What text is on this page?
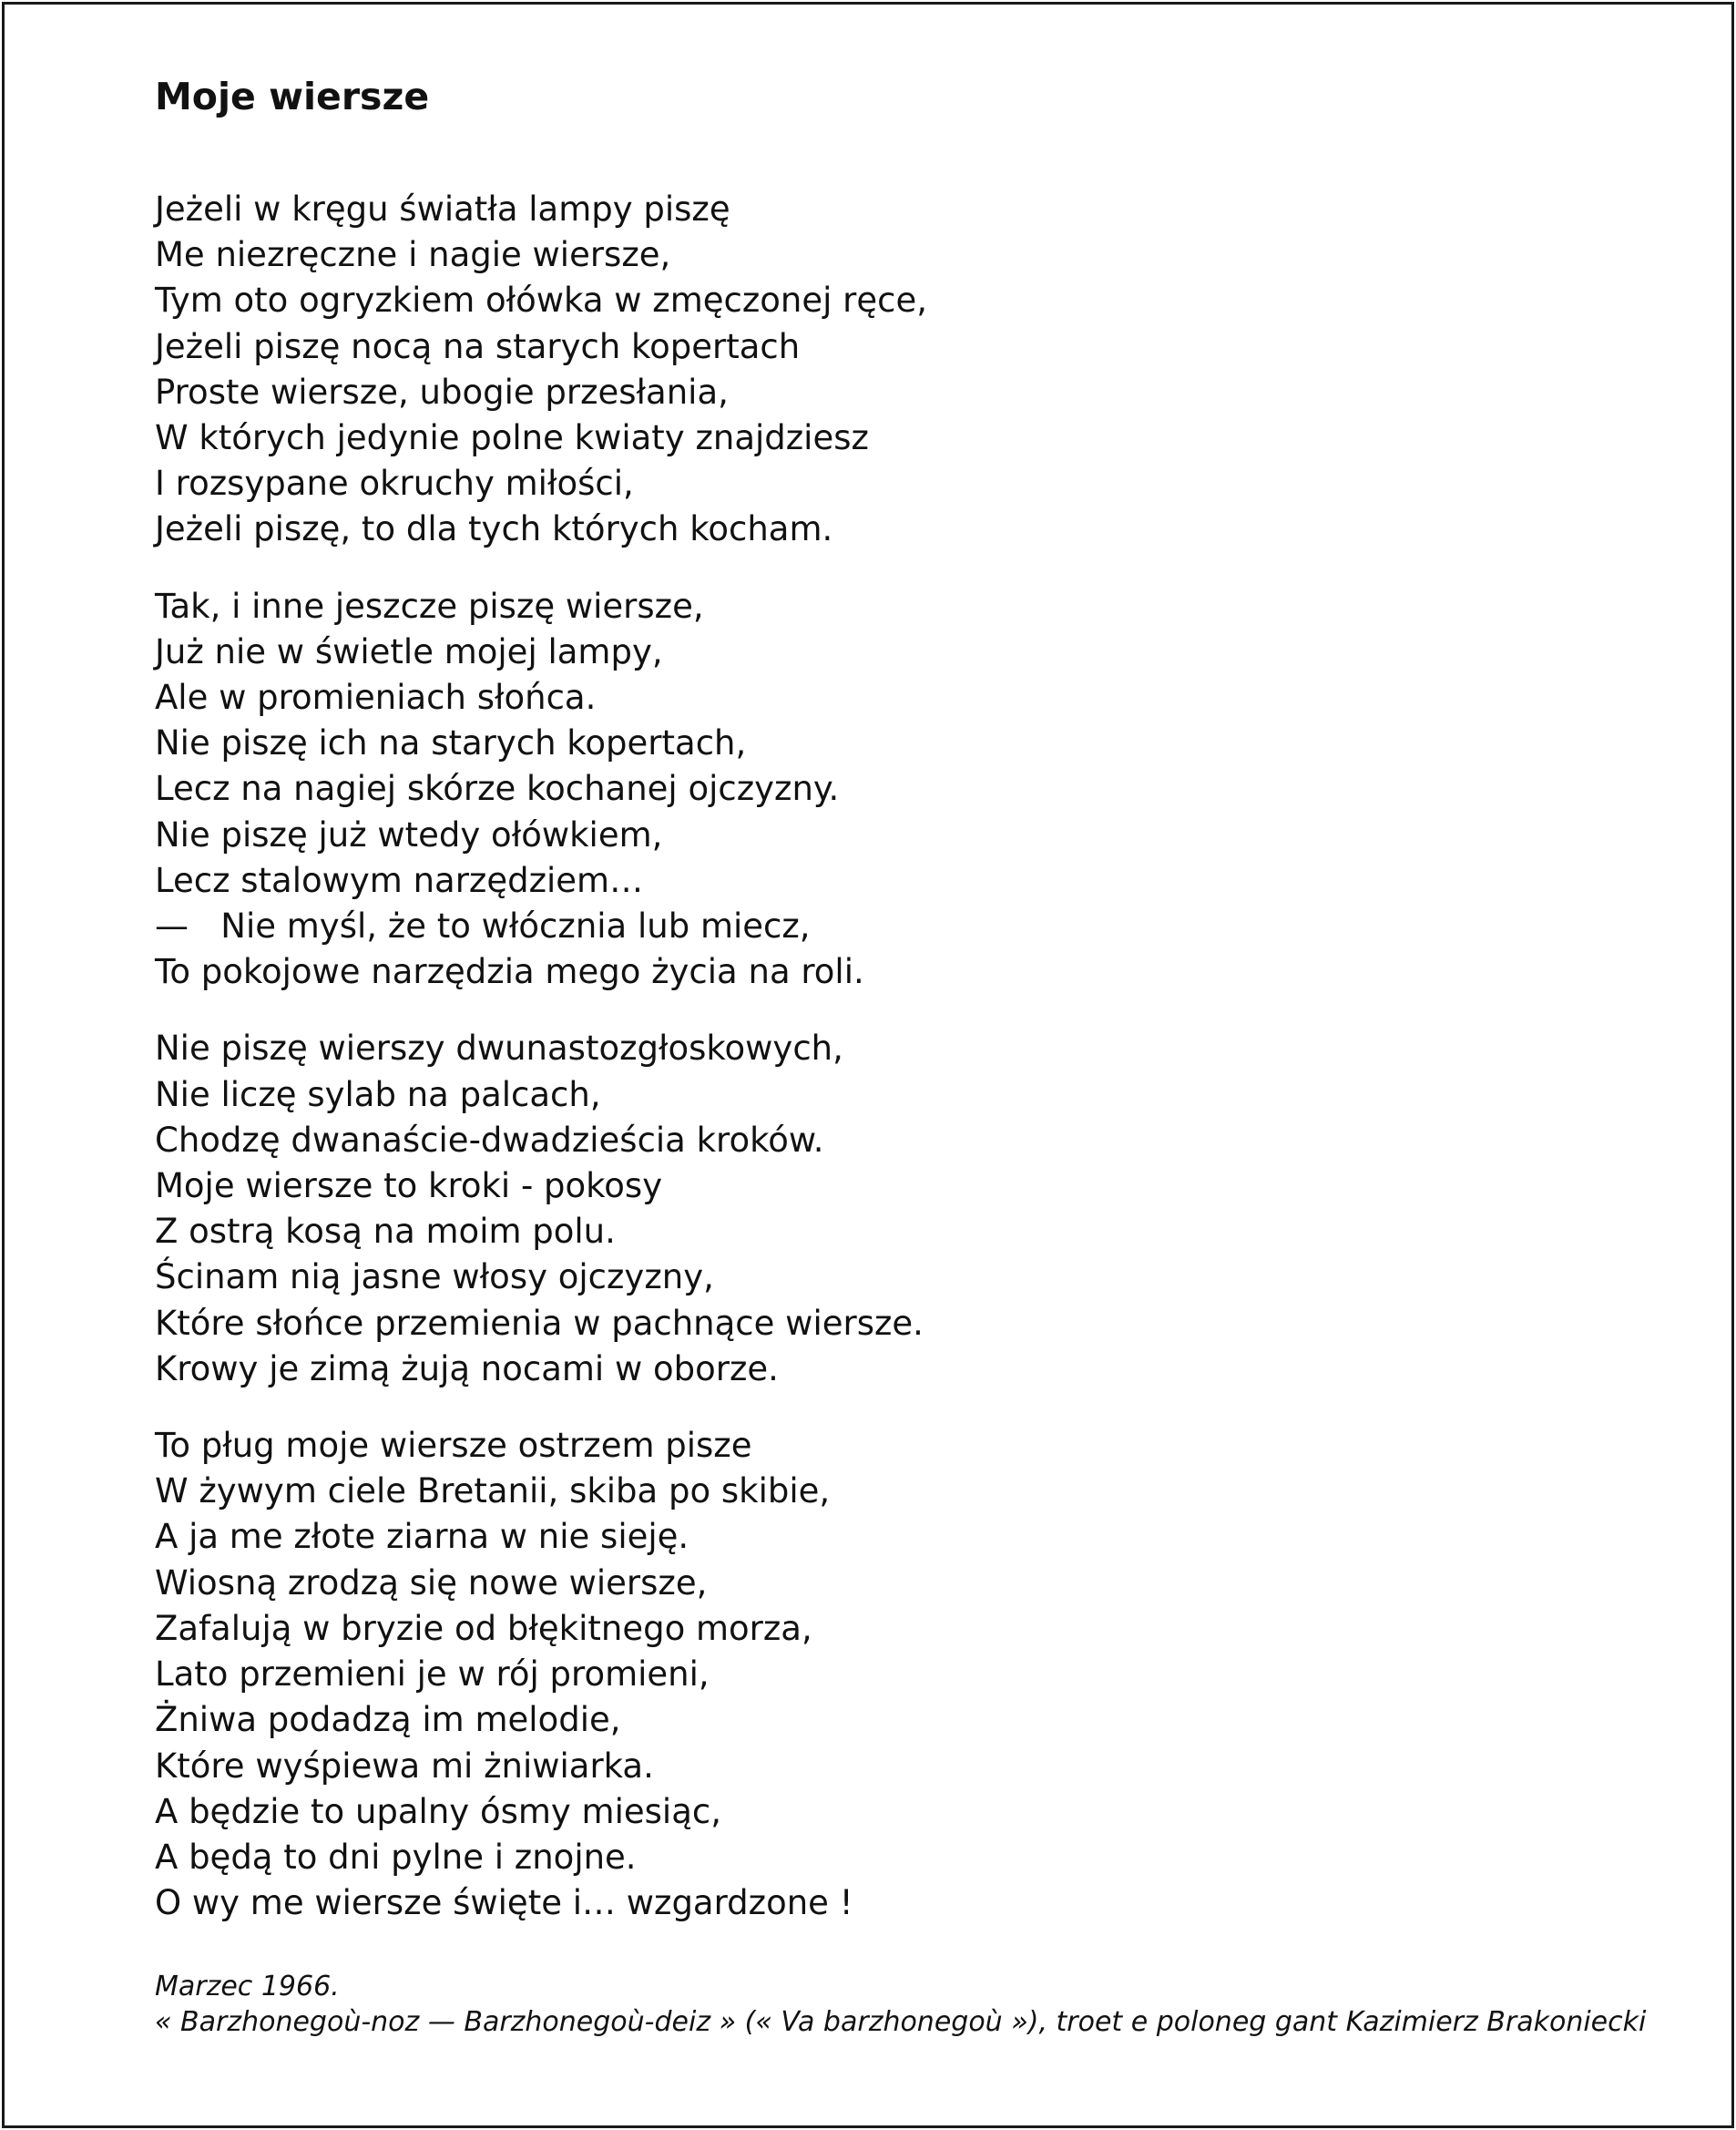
Moje wiersze
Jeżeli w kręgu światła lampy piszę
Me niezręczne i nagie wiersze,
Tym oto ogryzkiem ołówka w zmęczonej ręce,
Jeżeli piszę nocą na starych kopertach
Proste wiersze, ubogie przesłania,
W których jedynie polne kwiaty znajdziesz
I rozsypane okruchy miłości,
Jeżeli piszę, to dla tych których kocham.
Tak, i inne jeszcze piszę wiersze,
Już nie w świetle mojej lampy,
Ale w promieniach słońca.
Nie piszę ich na starych kopertach,
Lecz na nagiej skórze kochanej ojczyzny.
Nie piszę już wtedy ołówkiem,
Lecz stalowym narzędziem…
—   Nie myśl, że to włócznia lub miecz,
To pokojowe narzędzia mego życia na roli.
Nie piszę wierszy dwunastozgłoskowych,
Nie liczę sylab na palcach,
Chodzę dwanaście-dwadzieścia kroków.
Moje wiersze to kroki - pokosy
Z ostrą kosą na moim polu.
Ścinam nią jasne włosy ojczyzny,
Które słońce przemienia w pachnące wiersze.
Krowy je zimą żują nocami w oborze.
To pług moje wiersze ostrzem pisze
W żywym ciele Bretanii, skiba po skibie,
A ja me złote ziarna w nie sieję.
Wiosną zrodzą się nowe wiersze,
Zafalują w bryzie od błękitnego morza,
Lato przemieni je w rój promieni,
Żniwa podadzą im melodie,
Które wyśpiewa mi żniwiarka.
A będzie to upalny ósmy miesiąc,
A będą to dni pylne i znojne.
O wy me wiersze święte i… wzgardzone !
Marzec 1966.
« Barzhonegoù-noz — Barzhonegoù-deiz » (« Va barzhonegoù »), troet e poloneg gant Kazimierz Brakoniecki
